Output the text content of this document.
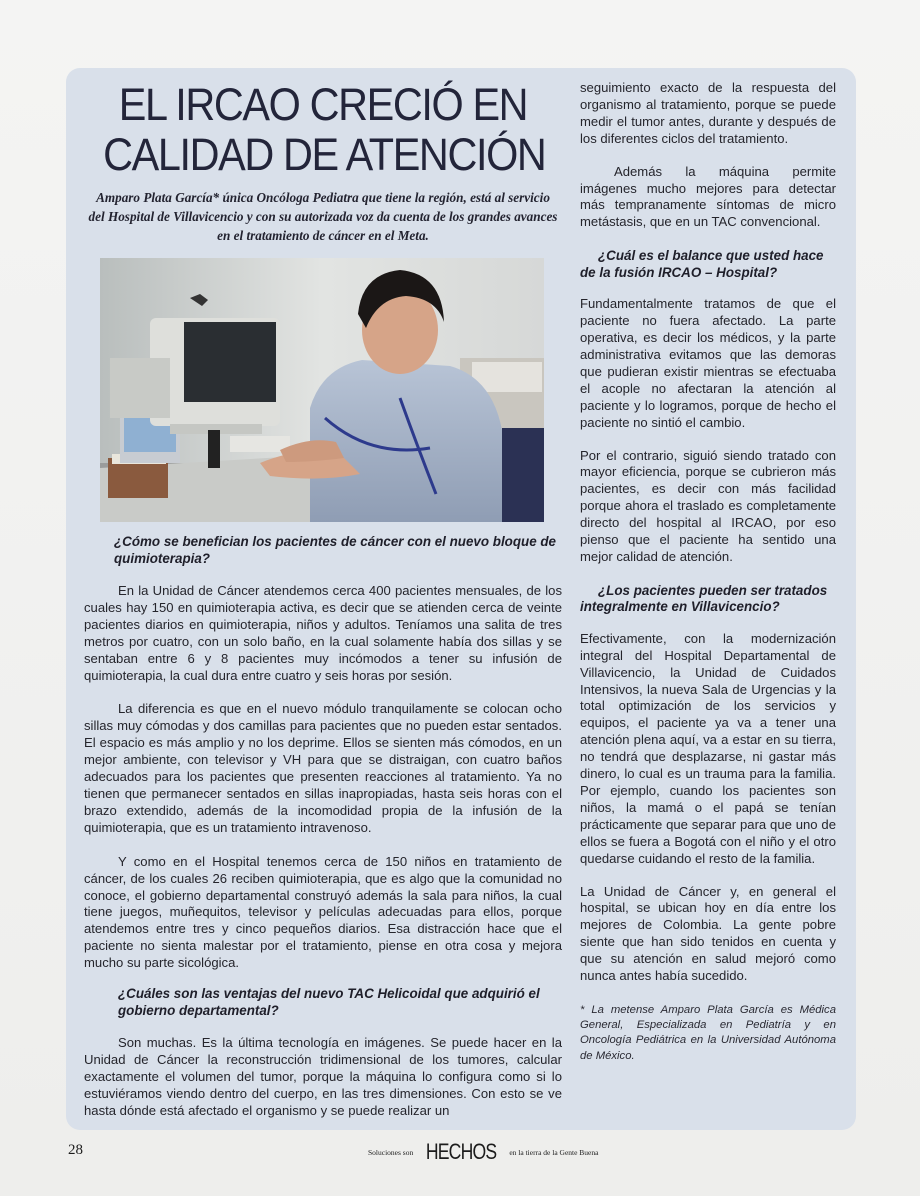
EL IRCAO CRECIÓ EN
CALIDAD DE ATENCIÓN
Amparo Plata García* única Oncóloga Pediatra que tiene la región, está al servicio del Hospital de Villavicencio y con su autorizada voz da cuenta de los grandes avances en el tratamiento de cáncer en el Meta.
¿Cómo se benefician los pacientes de cáncer con el nuevo bloque de quimioterapia?
En la Unidad de Cáncer atendemos cerca 400 pacientes mensuales, de los cuales hay 150 en quimioterapia activa, es decir que se atienden cerca de veinte pacientes diarios en quimioterapia, niños y adultos. Teníamos una salita de tres metros por cuatro, con un solo baño, en la cual solamente había dos sillas y se sentaban entre 6 y 8 pacientes muy incómodos a tener su infusión de quimioterapia, la cual dura entre cuatro y seis horas por sesión.
La diferencia es que en el nuevo módulo tranquilamente se colocan ocho sillas muy cómodas y dos camillas para pacientes que no pueden estar sentados. El espacio es más amplio y no los deprime. Ellos se sienten más cómodos, en un mejor ambiente, con televisor y VH para que se distraigan, con cuatro baños adecuados para los pacientes que presenten reacciones al tratamiento. Ya no tienen que permanecer sentados en sillas inapropiadas, hasta seis horas con el brazo extendido, además de la incomodidad propia de la infusión de la quimioterapia, que es un tratamiento intravenoso.
Y como en el Hospital tenemos cerca de 150 niños en tratamiento de cáncer, de los cuales 26 reciben quimioterapia, que es algo que la comunidad no conoce, el gobierno departamental construyó además la sala para niños, la cual tiene juegos, muñequitos, televisor y películas adecuadas para ellos, porque atendemos entre tres y cinco pequeños diarios. Esa distracción hace que el paciente no sienta malestar por el tratamiento, piense en otra cosa y mejora mucho su parte sicológica.
¿Cuáles son las ventajas del nuevo TAC Helicoidal que adquirió el gobierno departamental?
Son muchas. Es la última tecnología en imágenes. Se puede hacer en la Unidad de Cáncer la reconstrucción tridimensional de los tumores, calcular exactamente el volumen del tumor, porque la máquina lo configura como si lo estuviéramos viendo dentro del cuerpo, en las tres dimensiones. Con esto se ve hasta dónde está afectado el organismo y se puede realizar un
seguimiento exacto de la respuesta del organismo al tratamiento, porque se puede medir el tumor antes, durante y después de los diferentes ciclos del tratamiento.
Además la máquina permite imágenes mucho mejores para detectar más tempranamente síntomas de micro metástasis, que en un TAC convencional.
¿Cuál es el balance que usted hace de la fusión IRCAO – Hospital?
Fundamentalmente tratamos de que el paciente no fuera afectado. La parte operativa, es decir los médicos, y la parte administrativa evitamos que las demoras que pudieran existir mientras se efectuaba el acople no afectaran la atención al paciente y lo logramos, porque de hecho el paciente no sintió el cambio.
Por el contrario, siguió siendo tratado con mayor eficiencia, porque se cubrieron más pacientes, es decir con más facilidad porque ahora el traslado es completamente directo del hospital al IRCAO, por eso pienso que el paciente ha sentido una mejor calidad de atención.
¿Los pacientes pueden ser tratados integralmente en Villavicencio?
Efectivamente, con la modernización integral del Hospital Departamental de Villavicencio, la Unidad de Cuidados Intensivos, la nueva Sala de Urgencias y la total optimización de los servicios y equipos, el paciente ya va a tener una atención plena aquí, va a estar en su tierra, no tendrá que desplazarse, ni gastar más dinero, lo cual es un trauma para la familia. Por ejemplo, cuando los pacientes son niños, la mamá o el papá se tenían prácticamente que separar para que uno de ellos se fuera a Bogotá con el niño y el otro quedarse cuidando el resto de la familia.
La Unidad de Cáncer y, en general el hospital, se ubican hoy en día entre los mejores de Colombia. La gente pobre siente que han sido tenidos en cuenta y que su atención en salud mejoró como nunca antes había sucedido.
* La metense Amparo Plata García es Médica General, Especializada en Pediatría y en Oncología Pediátrica en la Universidad Autónoma de México.
28	Soluciones son HECHOS en la tierra de la Gente Buena
